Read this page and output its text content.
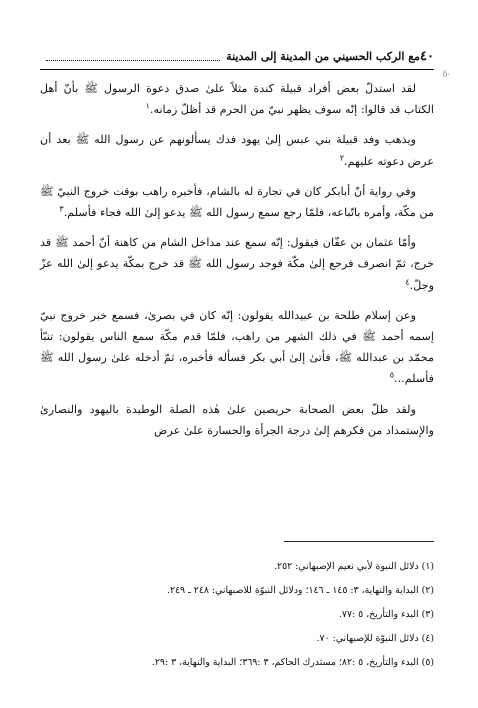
٤٠
مع الركب الحسيني من المدينة إلى المدينة
·ẟ

لقد استدلّ بعض أفراد قبيلة كندة مثلاً علىٰ صدق دعوة الرسول ﷺ بأنّ أهل الكتاب قد قالوا: إنّه سوف يظهر نبيّ من الحرم قد أظلّ زمانه.$^١$

ويذهب وفد قبيلة بني عبس إلىٰ يهود فدك يسألونهم عن رسول الله ﷺ بعد أن عرض دعوته عليهم.$^٢$

وفي رواية أنّ أبابكر كان في تجارة له بالشام، فأخبره راهب بوقت خروج النبيّ ﷺ من مكّة، وأمره باتّباعه، فلمّا رجع سمع رسول الله ﷺ يدعو إلىٰ الله فجاء فأسلم.$^٣$

وأمّا عثمان بن عفّان فيقول: إنّه سمع عند مداخل الشام من كاهنة أنّ أحمد ﷺ قد خرج، ثمّ انصرف فرجع إلىٰ مكّة فوجد رسول الله ﷺ قد خرج بمكّة يدعو إلىٰ الله عزّ وجلّ.$^٤$

وعن إسلام طلحة بن عبيدالله يقولون: إنّه كان في بصرىٰ، فسمع خبر خروج نبيّ إسمه أحمد ﷺ في ذلك الشهر من راهب، فلمّا قدم مكّة سمع الناس يقولون: تنبّأ محمّد بن عبدالله ﷺ، فأتىٰ إلىٰ أبي بكر فسأله فأخبره، ثمّ أدخله علىٰ رسول الله ﷺ فأسلم...$^٥$

ولقد ظلّ بعض الصحابة حريصين علىٰ هٰذه الصلة الوطيدة باليهود والنصارىٰ والإستمداد من فكرهم إلىٰ درجة الجرأة والجسارة علىٰ عرض

(١) دلائل النبوة لأبي نعيم الإصبهاني: ٢٥٢.
(٢) البداية والنهاية، ٣: ١٤٥ ـ ١٤٦؛ ودلائل النبوّة للاصبهاني: ٢٤٨ ـ ٢٤٩.
(٣) البدء والتأريخ، ٥ :٧٧.
(٤) دلائل النبوّة للإصبهاني: ٧٠.
(٥) البدء والتأريخ، ٥ :٨٢؛ مستدرك الحاكم، ٣ :٣٦٩؛ البداية والنهاية، ٣ :٢٩.
